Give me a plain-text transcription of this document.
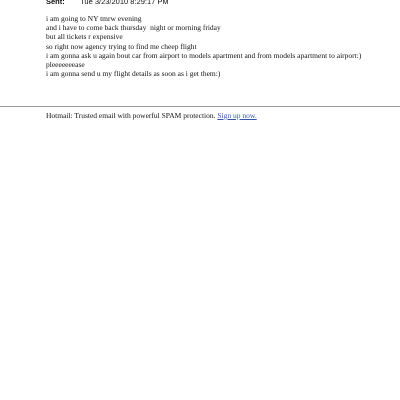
Sent: Tue 3/23/2010 8:29:17 PM
i am going to NY tmrw evening
and i have to come back thursday  night or morning friday
but all tickets r expensive
so right now agency trying to find me cheep flight
i am gonna ask u again bout car from airport to models apartment and from models apartment to airport:)
pleeeeeeease
i am gonna send u my flight details as soon as i get them:)
Hotmail: Trusted email with powerful SPAM protection. Sign up now.
